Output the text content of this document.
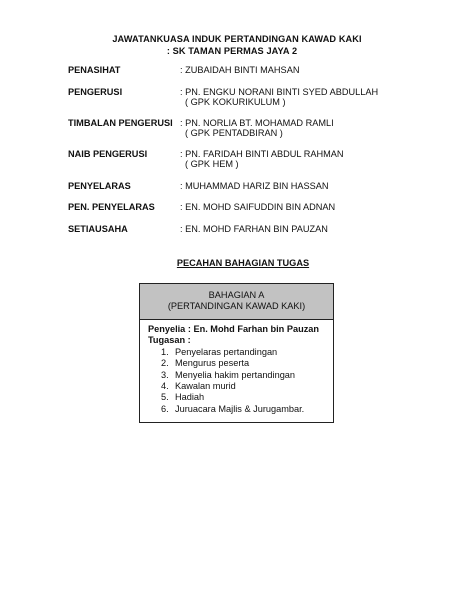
JAWATANKUASA INDUK PERTANDINGAN KAWAD KAKI
: SK TAMAN PERMAS JAYA 2
PENASIHAT	: ZUBAIDAH BINTI MAHSAN
PENGERUSI	: PN. ENGKU NORANI BINTI SYED ABDULLAH
( GPK KOKURIKULUM )
TIMBALAN PENGERUSI : PN. NORLIA BT. MOHAMAD RAMLI
( GPK PENTADBIRAN )
NAIB PENGERUSI	: PN. FARIDAH BINTI ABDUL RAHMAN
( GPK HEM )
PENYELARAS	: MUHAMMAD HARIZ BIN HASSAN
PEN. PENYELARAS	: EN. MOHD SAIFUDDIN BIN ADNAN
SETIAUSAHA	: EN. MOHD FARHAN BIN PAUZAN
PECAHAN BAHAGIAN TUGAS
BAHAGIAN A
(PERTANDINGAN KAWAD KAKI)
Penyelia : En. Mohd Farhan bin Pauzan
Tugasan :
1. Penyelaras pertandingan
2. Mengurus peserta
3. Menyelia hakim pertandingan
4. Kawalan murid
5. Hadiah
6. Juruacara Majlis & Jurugambar.
